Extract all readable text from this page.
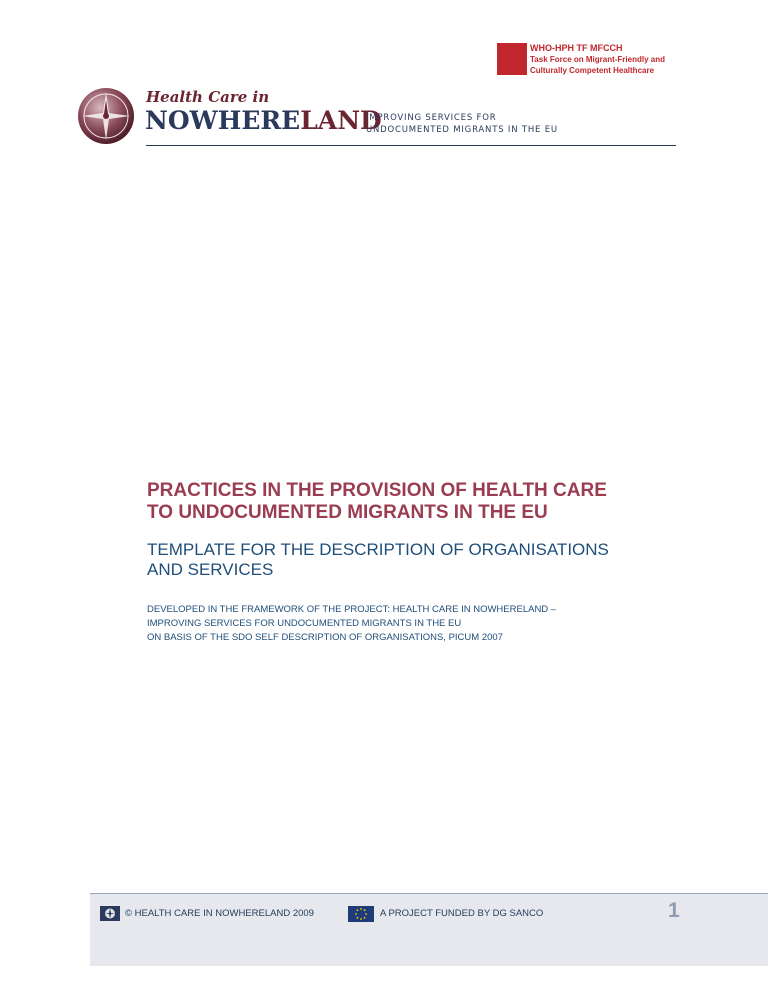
WHO-HPH TF MFCCH
Task Force on Migrant-Friendly and
Culturally Competent Healthcare
Health Care in
NOWHERELAND
IMPROVING SERVICES FOR
UNDOCUMENTED MIGRANTS IN THE EU
PRACTICES IN THE PROVISION OF HEALTH CARE
TO UNDOCUMENTED MIGRANTS IN THE EU
TEMPLATE FOR THE DESCRIPTION OF ORGANISATIONS
AND SERVICES
DEVELOPED IN THE FRAMEWORK OF THE PROJECT: HEALTH CARE IN NOWHERELAND –
IMPROVING SERVICES FOR UNDOCUMENTED MIGRANTS IN THE EU
ON BASIS OF THE SDO SELF DESCRIPTION OF ORGANISATIONS, PICUM 2007
© HEALTH CARE IN NOWHERELAND 2009	A PROJECT FUNDED BY DG SANCO	1
